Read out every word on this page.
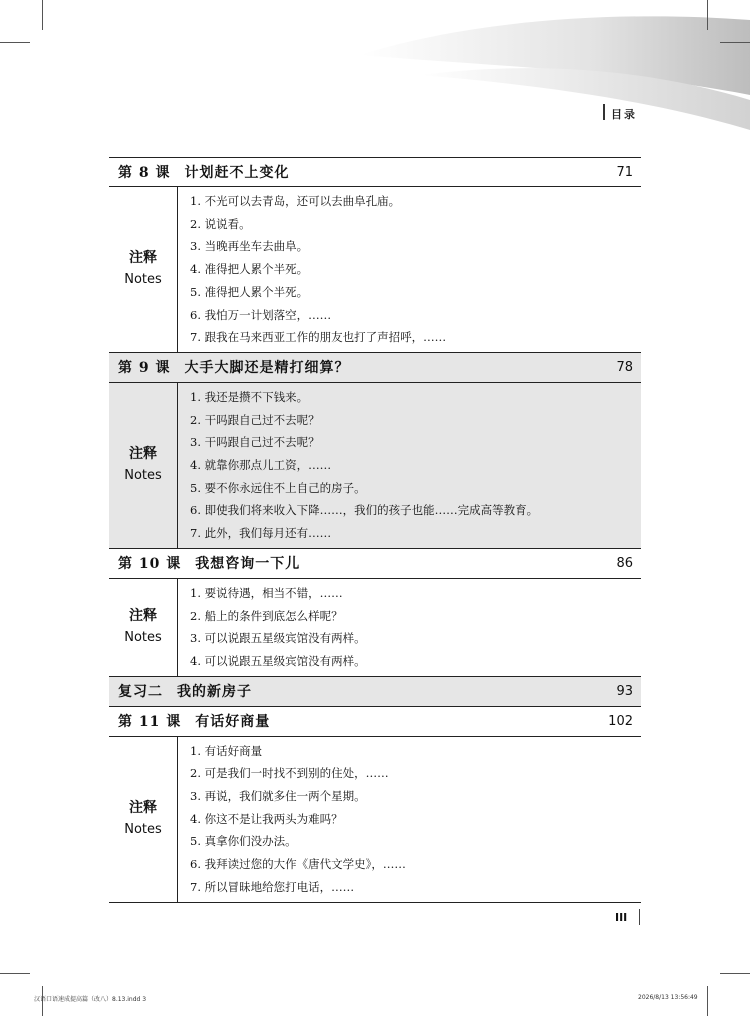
目录
第 8 课 计划赶不上变化	71
注释
Notes
1. 不光可以去青岛，还可以去曲阜孔庙。
2. 说说看。
3. 当晚再坐车去曲阜。
4. 准得把人累个半死。
5. 准得把人累个半死。
6. 我怕万一计划落空，……
7. 跟我在马来西亚工作的朋友也打了声招呼，……
第 9 课 大手大脚还是精打细算？	78
注释
Notes
1. 我还是攒不下钱来。
2. 干吗跟自己过不去呢？
3. 干吗跟自己过不去呢？
4. 就靠你那点儿工资，……
5. 要不你永远住不上自己的房子。
6. 即使我们将来收入下降……，我们的孩子也能……完成高等教育。
7. 此外，我们每月还有……
第 10 课 我想咨询一下儿	86
注释
Notes
1. 要说待遇，相当不错，……
2. 船上的条件到底怎么样呢？
3. 可以说跟五星级宾馆没有两样。
4. 可以说跟五星级宾馆没有两样。
复习二 我的新房子	93
第 11 课 有话好商量	102
注释
Notes
1. 有话好商量
2. 可是我们一时找不到别的住处，……
3. 再说，我们就多住一两个星期。
4. 你这不是让我两头为难吗？
5. 真拿你们没办法。
6. 我拜读过您的大作《唐代文学史》，……
7. 所以冒昧地给您打电话，……
III
汉语口语速成提高篇（改八）8.13.indd 3	2026/8/13 13:56:49
